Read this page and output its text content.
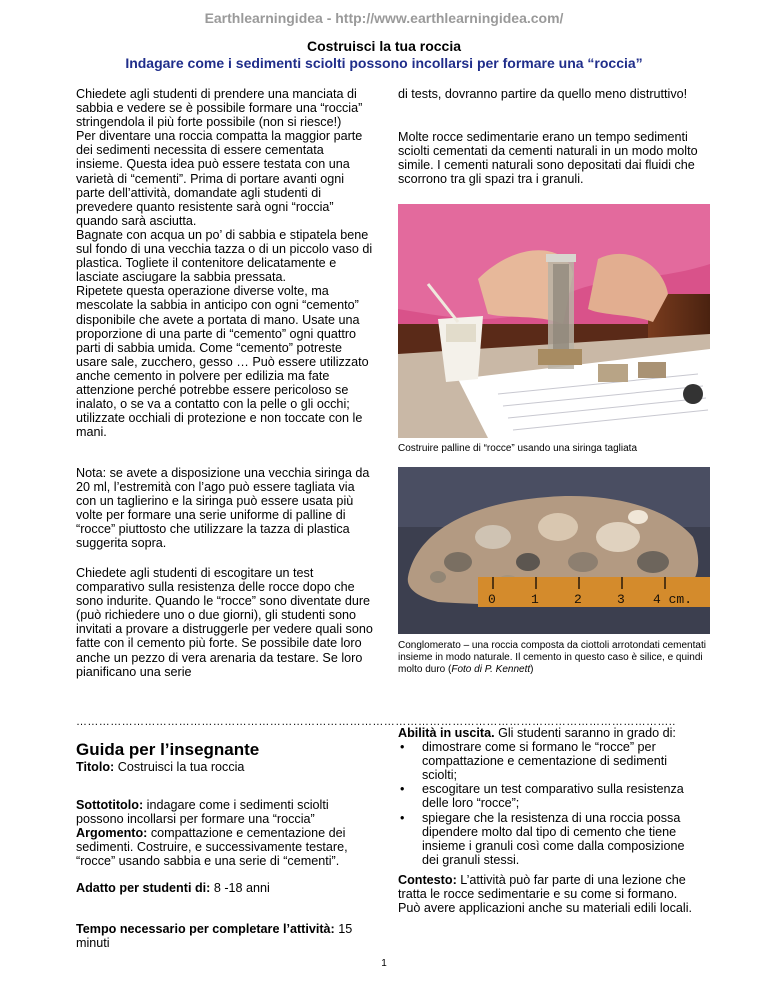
Earthlearningidea - http://www.earthlearningidea.com/
Costruisci la tua roccia
Indagare come i sedimenti sciolti possono incollarsi per formare una “roccia”

Chiedete agli studenti di prendere una manciata di sabbia e vedere se è possibile formare una “roccia” stringendola il più forte possibile (non si riesce!)

Per diventare una roccia compatta la maggior parte dei sedimenti necessita di essere cementata insieme. Questa idea può essere testata con una varietà di “cementi”. Prima di portare avanti ogni parte dell’attività, domandate agli studenti di prevedere quanto resistente sarà ogni “roccia” quando sarà asciutta.

Bagnate con acqua un po’ di sabbia e stipatela bene sul fondo di una vecchia tazza o di un piccolo vaso di plastica. Togliete il contenitore delicatamente e lasciate asciugare la sabbia pressata.

Ripetete questa operazione diverse volte, ma mescolate la sabbia in anticipo con ogni “cemento” disponibile che avete a portata di mano. Usate una proporzione di una parte di “cemento” ogni quattro parti di sabbia umida. Come “cemento” potreste usare sale, zucchero, gesso … Può essere utilizzato anche cemento in polvere per edilizia ma fate attenzione perché potrebbe essere pericoloso se inalato, o se va a contatto con la pelle o gli occhi; utilizzate occhiali di protezione e non toccate con le mani.

Nota: se avete a disposizione una vecchia siringa da 20 ml, l’estremità con l’ago può essere tagliata via con un taglierino e la siringa può essere usata più volte per formare una serie uniforme di palline di “rocce” piuttosto che utilizzare la tazza di plastica suggerita sopra.
Chiedete agli studenti di escogitare un test comparativo sulla resistenza delle rocce dopo che sono indurite. Quando le “rocce” sono diventate dure (può richiedere uno o due giorni), gli studenti sono invitati a provare a distruggerle per vedere quali sono fatte con il cemento più forte. Se possibile date loro anche un pezzo di vera arenaria da testare. Se loro pianificano una serie
di tests, dovranno partire da quello meno distruttivo!
Molte rocce sedimentarie erano un tempo sedimenti sciolti cementati da cementi naturali in un modo molto simile. I cementi naturali sono depositati dai fluidi che scorrono tra gli spazi tra i granuli.
Costruire palline di “rocce” usando una siringa tagliata
0	1	2	3 4 cm.
Conglomerato – una roccia composta da ciottoli arrotondati cementati insieme in modo naturale. Il cemento in questo caso è silice, e quindi molto duro (Foto di P. Kennett)
…………………………………………………………………………………………………………………………………………..
Guida per l’insegnante
Titolo: Costruisci la tua roccia
Sottotitolo: indagare come i sedimenti sciolti possono incollarsi per formare una “roccia”
Argomento: compattazione e cementazione dei sedimenti. Costruire, e successivamente testare, “rocce” usando sabbia e una serie di “cementi”.
Adatto per studenti di: 8 -18 anni
Tempo necessario per completare l’attività: 15 minuti
Abilità in uscita. Gli studenti saranno in grado di:
• dimostrare come si formano le “rocce” per compattazione e cementazione di sedimenti sciolti;
• escogitare un test comparativo sulla resistenza delle loro “rocce”;
• spiegare che la resistenza di una roccia possa dipendere molto dal tipo di cemento che tiene insieme i granuli così come dalla composizione dei granuli stessi.
Contesto: L’attività può far parte di una lezione che tratta le rocce sedimentarie e su come si formano. Può avere applicazioni anche su materiali edili locali.
1
